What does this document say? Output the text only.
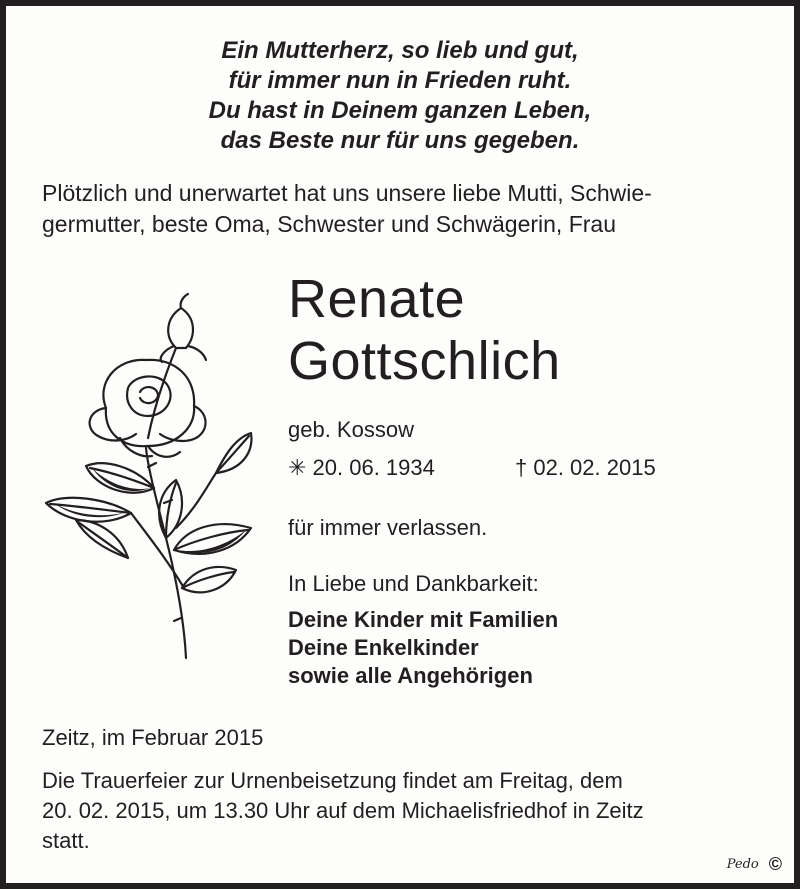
Ein Mutterherz, so lieb und gut,
für immer nun in Frieden ruht.
Du hast in Deinem ganzen Leben,
das Beste nur für uns gegeben.
Plötzlich und unerwartet hat uns unsere liebe Mutti, Schwie-
germutter, beste Oma, Schwester und Schwägerin, Frau
Renate
Gottschlich
geb. Kossow
✳ 20. 06. 1934	† 02. 02. 2015
für immer verlassen.
In Liebe und Dankbarkeit:
Deine Kinder mit Familien
Deine Enkelkinder
sowie alle Angehörigen
Zeitz, im Februar 2015
Die Trauerfeier zur Urnenbeisetzung findet am Freitag, dem
20. 02. 2015, um 13.30 Uhr auf dem Michaelisfriedhof in Zeitz
statt.
Pedo ©
